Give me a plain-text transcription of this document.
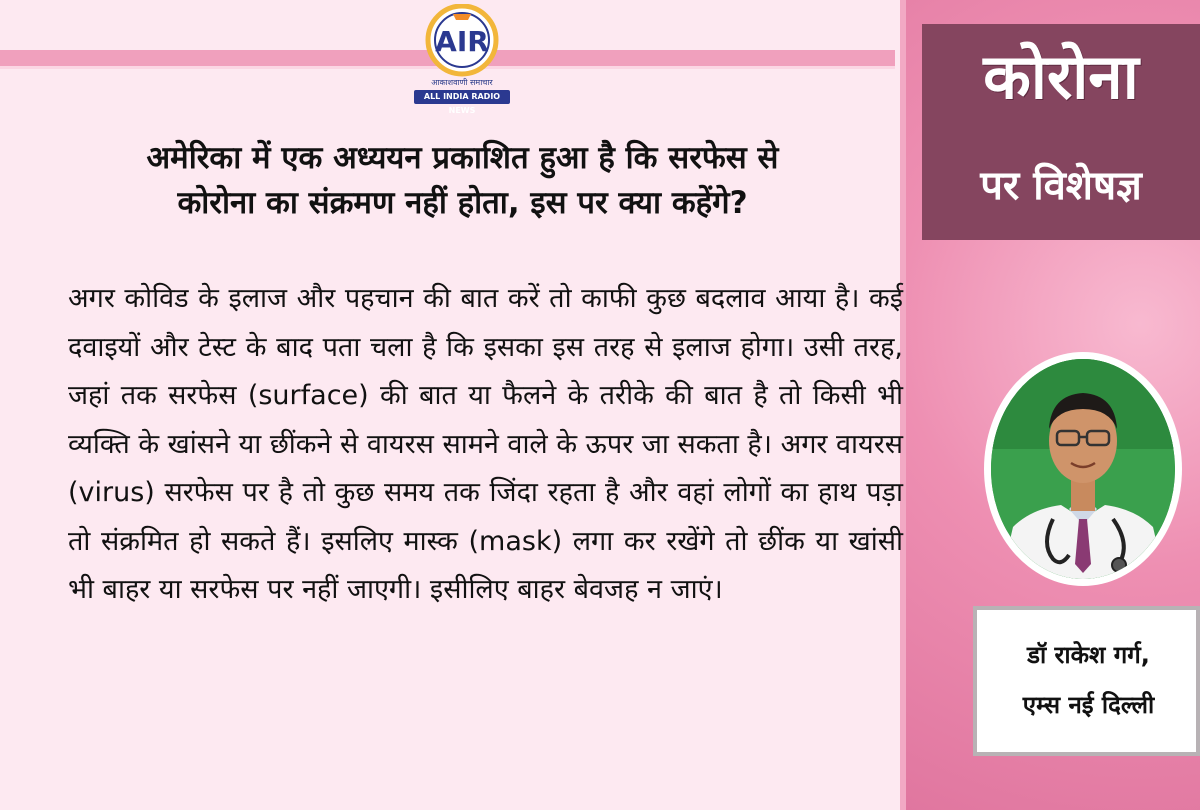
AIR
आकाशवाणी समाचार
ALL INDIA RADIO NEWS
अमेरिका में एक अध्ययन प्रकाशित हुआ है कि सरफेस से
कोरोना का संक्रमण नहीं होता, इस पर क्या कहेंगे?
अगर कोविड के इलाज और पहचान की बात करें तो काफी कुछ बदलाव आया है। कई दवाइयों और टेस्ट के बाद पता चला है कि इसका इस तरह से इलाज होगा। उसी तरह, जहां तक सरफेस (surface) की बात या फैलने के तरीके की बात है तो किसी भी व्यक्ति के खांसने या छींकने से वायरस सामने वाले के ऊपर जा सकता है। अगर वायरस (virus) सरफेस पर है तो कुछ समय तक जिंदा रहता है और वहां लोगों का हाथ पड़ा तो संक्रमित हो सकते हैं। इसलिए मास्क (mask) लगा कर रखेंगे तो छींक या खांसी भी बाहर या सरफेस पर नहीं जाएगी। इसीलिए बाहर बेवजह न जाएं।
कोरोना
पर विशेषज्ञ
डॉ राकेश गर्ग,
एम्स नई दिल्ली
